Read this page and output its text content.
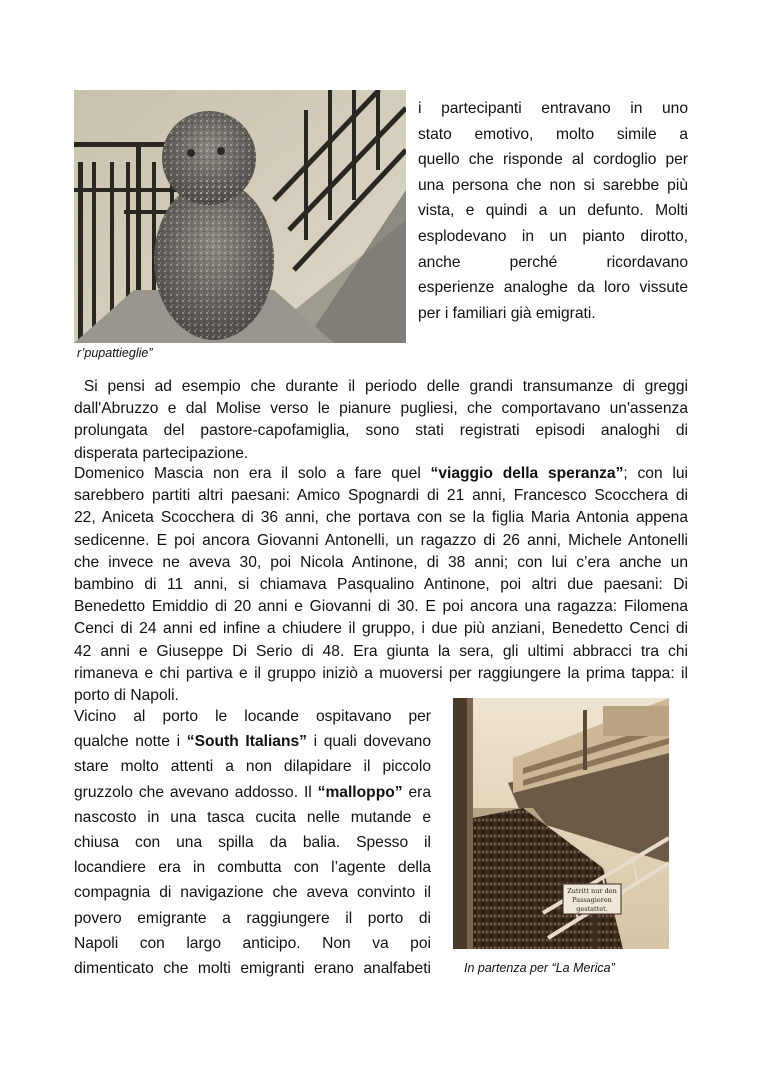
r’pupattieglie”
i partecipanti entravano in uno
stato emotivo, molto simile a
quello che risponde al cordoglio per
una persona che non si sarebbe più
vista, e quindi a un defunto. Molti
esplodevano in un pianto dirotto,
anche perché ricordavano
esperienze analoghe da loro vissute
per i familiari già emigrati.
Si pensi ad esempio che durante il periodo delle grandi transumanze di greggi
dall'Abruzzo e dal Molise verso le pianure pugliesi, che comportavano un'assenza
prolungata del pastore-capofamiglia, sono stati registrati episodi analoghi di
disperata partecipazione.
Domenico Mascia non era il solo a fare quel “viaggio della speranza”; con lui
sarebbero partiti altri paesani: Amico Spognardi di 21 anni, Francesco Scocchera di
22, Aniceta Scocchera di 36 anni, che portava con se la figlia Maria Antonia appena
sedicenne. E poi ancora Giovanni Antonelli, un ragazzo di 26 anni, Michele Antonelli
che invece ne aveva 30, poi Nicola Antinone, di 38 anni; con lui c’era anche un
bambino di 11 anni, si chiamava Pasqualino Antinone, poi altri due paesani: Di
Benedetto Emiddio di 20 anni e Giovanni di 30. E poi ancora una ragazza: Filomena
Cenci di 24 anni ed infine a chiudere il gruppo, i due più anziani, Benedetto Cenci di
42 anni e Giuseppe Di Serio di 48. Era giunta la sera, gli ultimi abbracci tra chi
rimaneva e chi partiva e il gruppo iniziò a muoversi per raggiungere la prima tappa: il
porto di Napoli.
Vicino al porto le locande ospitavano per
qualche notte i “South Italians” i quali dovevano
stare molto attenti a non dilapidare il piccolo
gruzzolo che avevano addosso. Il “malloppo” era
nascosto in una tasca cucita nelle mutande e
chiusa con una spilla da balia. Spesso il
locandiere era in combutta con l’agente della
compagnia di navigazione che aveva convinto il
povero emigrante a raggiungere il porto di
Napoli con largo anticipo. Non va poi
dimenticato che molti emigranti erano analfabeti
Zutritt nur den
Passagieren
gestattet.
In partenza per “La Merica”
